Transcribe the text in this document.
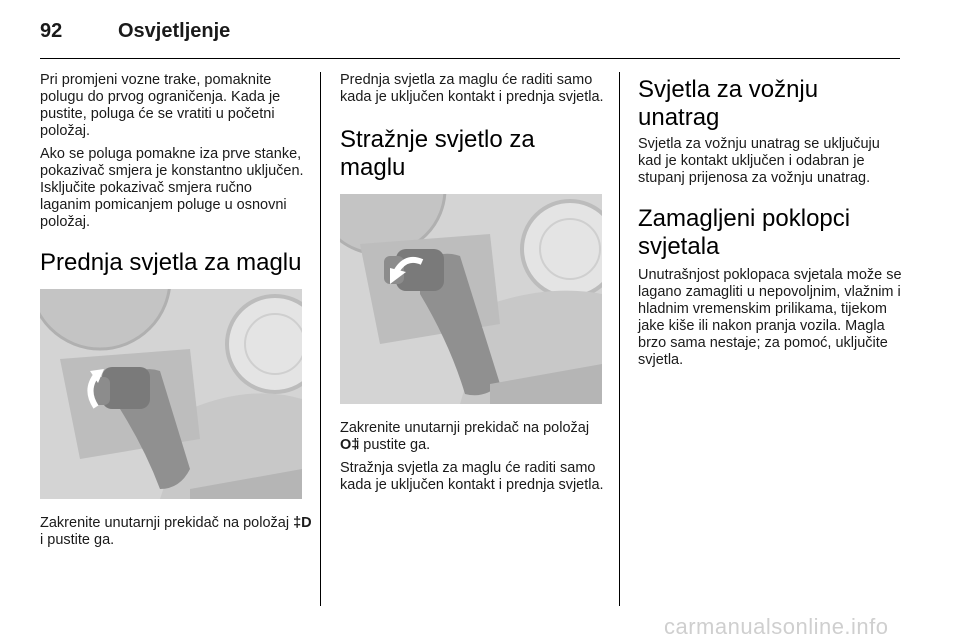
92	Osvjetljenje

Pri promjeni vozne trake, pomaknite polugu do prvog ograničenja. Kada je pustite, poluga će se vratiti u početni položaj.

Ako se poluga pomakne iza prve stanke, pokazivač smjera je konstantno uključen. Isključite pokazivač smjera ručno laganim pomicanjem poluge u osnovni položaj.

Prednja svjetla za maglu

Zakrenite unutarnji prekidač na položaj ‡D i pustite ga.

Prednja svjetla za maglu će raditi samo kada je uključen kontakt i prednja svjetla.

Stražnje svjetlo za maglu

Zakrenite unutarnji prekidač na položaj O‡ i pustite ga.

Stražnja svjetla za maglu će raditi samo kada je uključen kontakt i prednja svjetla.

Svjetla za vožnju unatrag

Svjetla za vožnju unatrag se uključuju kad je kontakt uključen i odabran je stupanj prijenosa za vožnju unatrag.

Zamagljeni poklopci svjetala

Unutrašnjost poklopaca svjetala može se lagano zamagliti u nepovoljnim, vlažnim i hladnim vremenskim prilikama, tijekom jake kiše ili nakon pranja vozila. Magla brzo sama nestaje; za pomoć, uključite svjetla.

carmanualsonline.info
